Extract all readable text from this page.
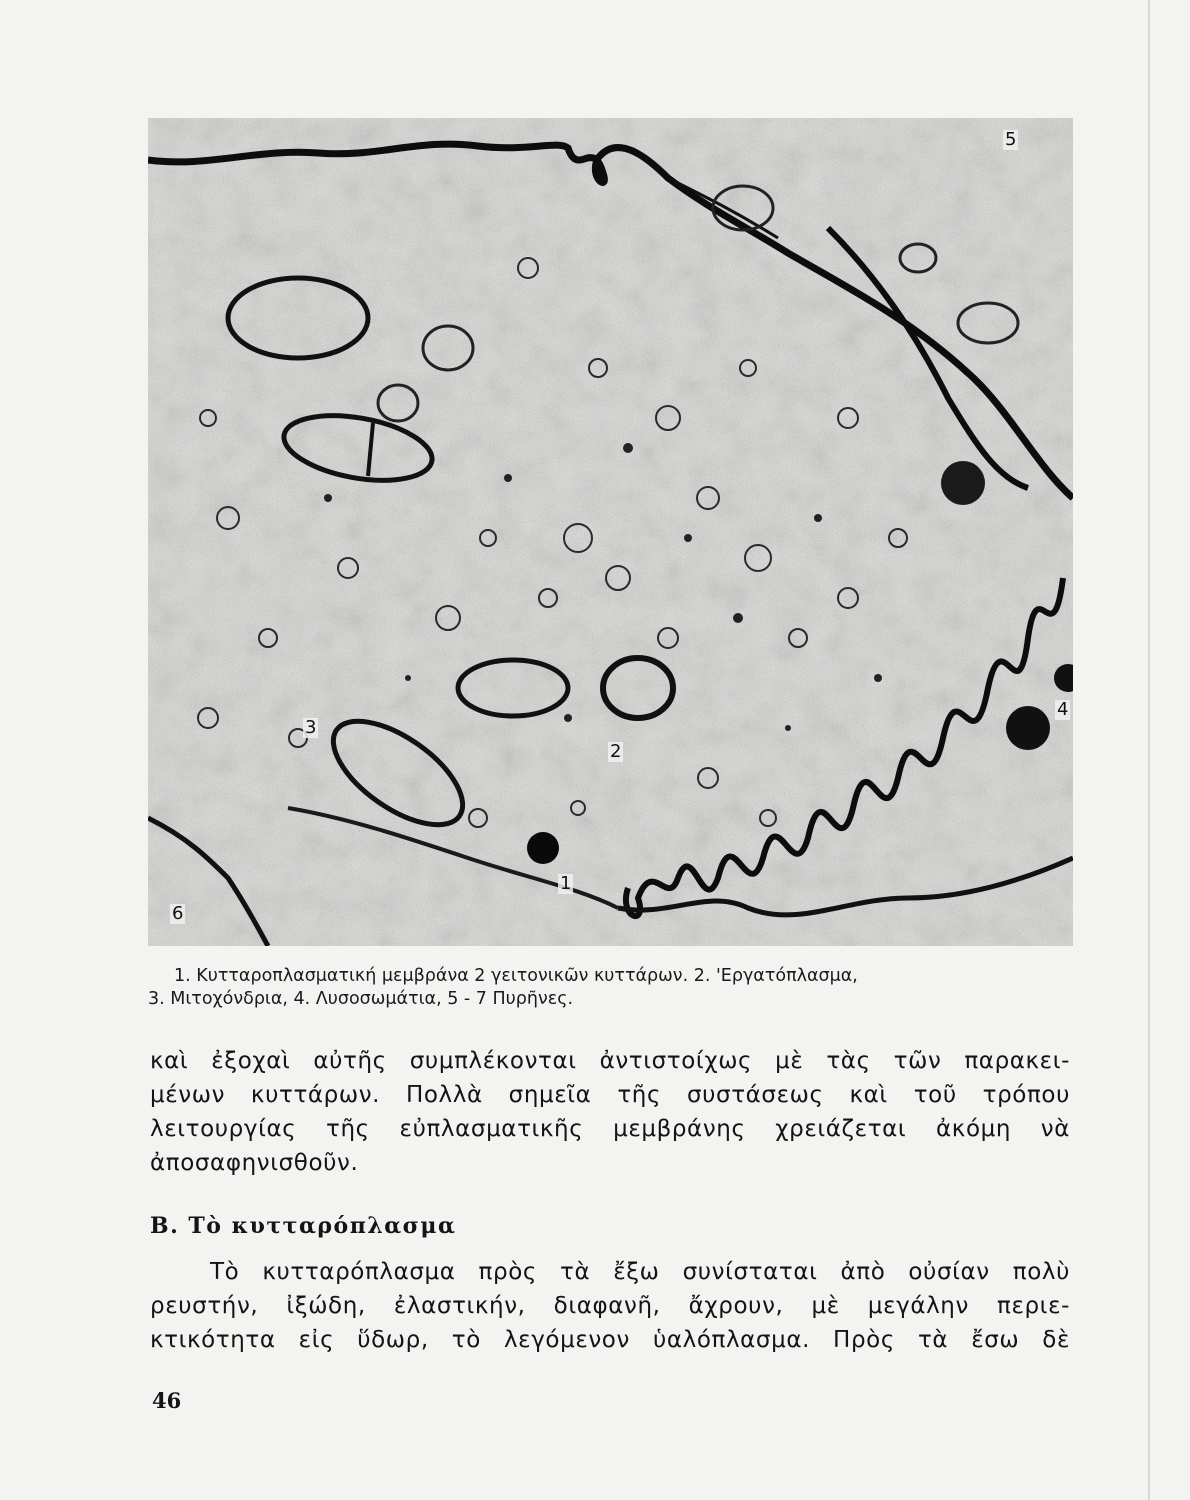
5
4
3
2
1
6

1. Κυτταροπλασματική μεμβράνα 2 γειτονικῶν κυττάρων. 2. 'Εργατόπλασμα,

3. Μιτοχόνδρια, 4. Λυσοσωμάτια, 5 - 7 Πυρῆνες.

καὶ ἐξοχαὶ αὐτῆς συμπλέκονται ἀντιστοίχως μὲ τὰς τῶν παρακει-

μένων κυττάρων. Πολλὰ σημεῖα τῆς συστάσεως καὶ τοῦ τρόπου

λειτουργίας τῆς εὐπλασματικῆς μεμβράνης χρειάζεται ἀκόμη νὰ

ἀποσαφηνισθοῦν.

Β. Τὸ κυτταρόπλασμα

Τὸ κυτταρόπλασμα πρὸς τὰ ἔξω συνίσταται ἀπὸ οὐσίαν πολὺ

ρευστήν, ἰξώδη, ἐλαστικήν, διαφανῆ, ἄχρουν, μὲ μεγάλην περιε-

κτικότητα εἰς ὕδωρ, τὸ λεγόμενον ὑαλόπλασμα. Πρὸς τὰ ἔσω δὲ

46
